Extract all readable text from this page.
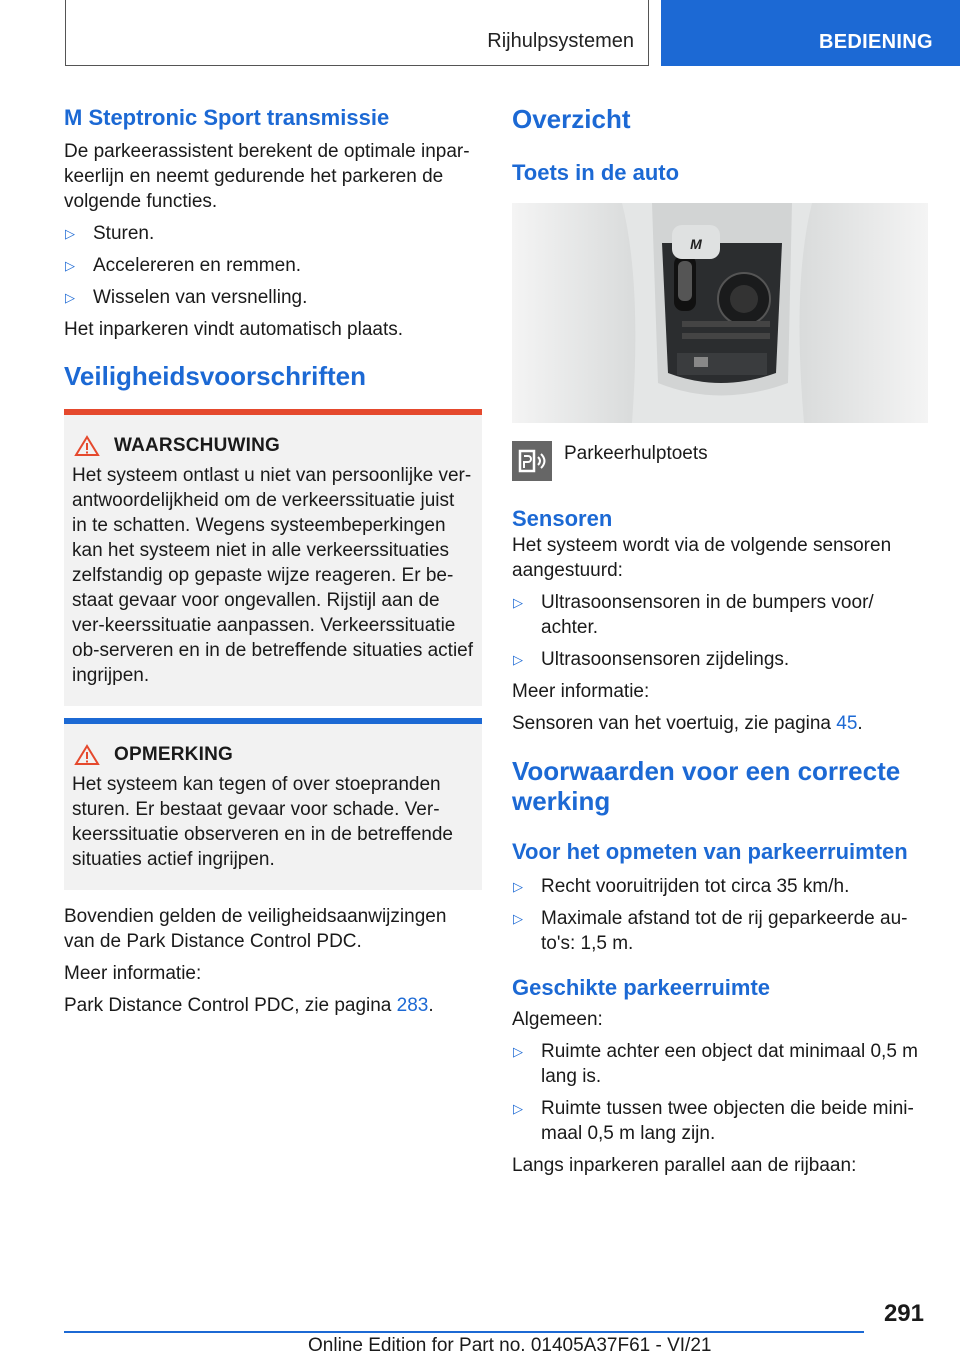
Rijhulpsystemen	BEDIENING
M Steptronic Sport transmissie

De parkeerassistent berekent de optimale inpar-keerlijn en neemt gedurende het parkeren de volgende functies.

▷ Sturen.
▷ Accelereren en remmen.
▷ Wisselen van versnelling.

Het inparkeren vindt automatisch plaats.

Veiligheidsvoorschriften
WAARSCHUWING

Het systeem ontlast u niet van persoonlijke ver-antwoordelijkheid om de verkeerssituatie juist in te schatten. Wegens systeembeperkingen kan het systeem niet in alle verkeerssituaties zelfstandig op gepaste wijze reageren. Er be-staat gevaar voor ongevallen. Rijstijl aan de ver-keerssituatie aanpassen. Verkeerssituatie ob-serveren en in de betreffende situaties actief ingrijpen.

OPMERKING

Het systeem kan tegen of over stoepranden sturen. Er bestaat gevaar voor schade. Ver-keerssituatie observeren en in de betreffende situaties actief ingrijpen.

Bovendien gelden de veiligheidsaanwijzingen van de Park Distance Control PDC.

Meer informatie:

Park Distance Control PDC, zie pagina 283.

Overzicht
Toets in de auto
M

Parkeerhulptoets

Sensoren

Het systeem wordt via de volgende sensoren aangestuurd:

▷ Ultrasoonsensoren in de bumpers voor/ achter.
▷ Ultrasoonsensoren zijdelings.

Meer informatie:

Sensoren van het voertuig, zie pagina 45.

Voorwaarden voor een correcte werking
Voor het opmeten van parkeerruimten
▷ Recht vooruitrijden tot circa 35 km/h.
▷ Maximale afstand tot de rij geparkeerde au-to's: 1,5 m.
Geschikte parkeerruimte

Algemeen:

▷ Ruimte achter een object dat minimaal 0,5 m lang is.
▷ Ruimte tussen twee objecten die beide mini-maal 0,5 m lang zijn.

Langs inparkeren parallel aan de rijbaan:

291
Online Edition for Part no. 01405A37F61 - VI/21
